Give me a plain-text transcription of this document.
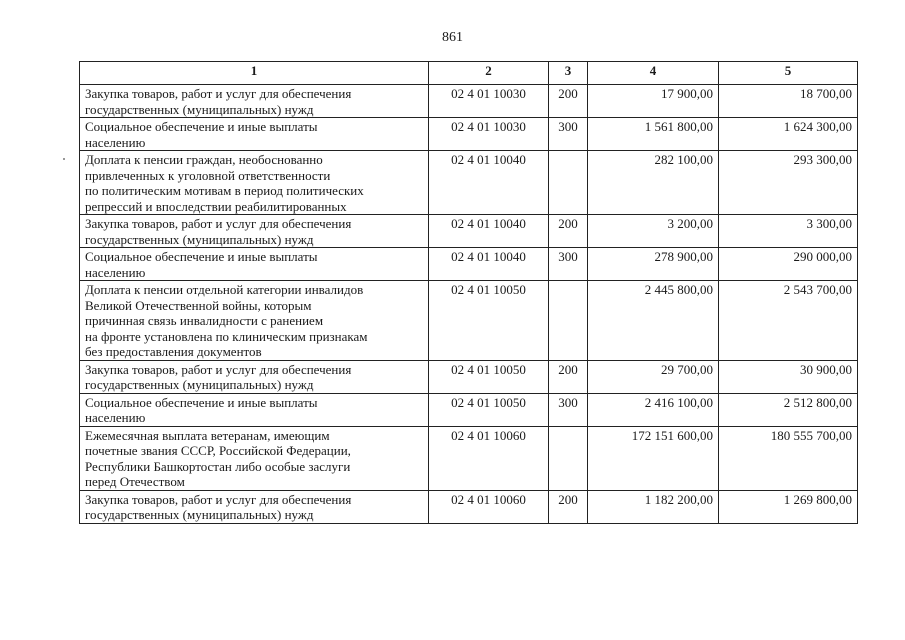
861
1	2	3	4	5

Закупка товаров, работ и услуг для обеспечения
государственных (муниципальных) нужд	02 4 01 10030	200	17 900,00	18 700,00

Социальное обеспечение и иные выплаты
населению	02 4 01 10030	300	1 561 800,00	1 624 300,00

Доплата к пенсии граждан, необоснованно
привлеченных к уголовной ответственности
по политическим мотивам в период политических
репрессий и впоследствии реабилитированных	02 4 01 10040		282 100,00	293 300,00

Закупка товаров, работ и услуг для обеспечения
государственных (муниципальных) нужд	02 4 01 10040	200	3 200,00	3 300,00

Социальное обеспечение и иные выплаты
населению	02 4 01 10040	300	278 900,00	290 000,00

Доплата к пенсии отдельной категории инвалидов
Великой Отечественной войны, которым
причинная связь инвалидности с ранением
на фронте установлена по клиническим признакам
без предоставления документов	02 4 01 10050		2 445 800,00	2 543 700,00

Закупка товаров, работ и услуг для обеспечения
государственных (муниципальных) нужд	02 4 01 10050	200	29 700,00	30 900,00

Социальное обеспечение и иные выплаты
населению	02 4 01 10050	300	2 416 100,00	2 512 800,00

Ежемесячная выплата ветеранам, имеющим
почетные звания СССР, Российской Федерации,
Республики Башкортостан либо особые заслуги
перед Отечеством	02 4 01 10060		172 151 600,00	180 555 700,00

Закупка товаров, работ и услуг для обеспечения
государственных (муниципальных) нужд	02 4 01 10060	200	1 182 200,00	1 269 800,00
